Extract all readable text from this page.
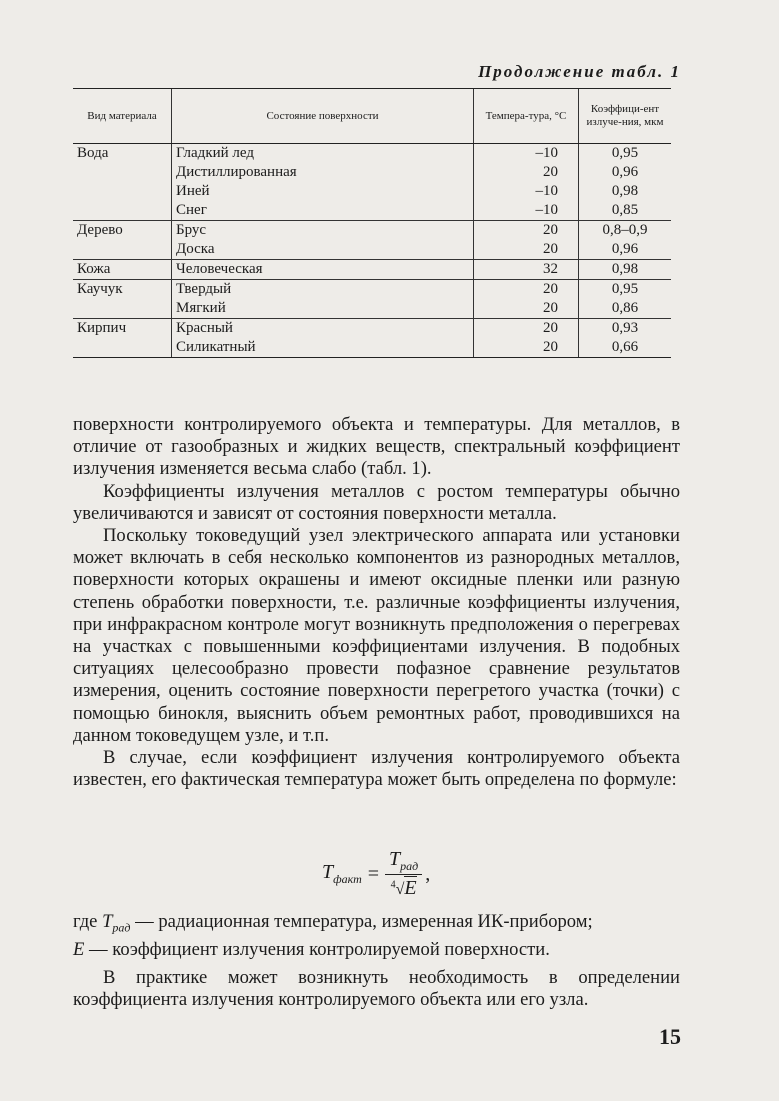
Продолжение табл. 1
Вид материала	Состояние поверхности	Темпера-тура, °С	Коэффици-ент излуче-ния, мкм
Вода	Гладкий лед	–10	0,95
	Дистиллированная	20	0,96
	Иней	–10	0,98
	Снег	–10	0,85
Дерево	Брус	20	0,8–0,9
	Доска	20	0,96
Кожа	Человеческая	32	0,98
Каучук	Твердый	20	0,95
	Мягкий	20	0,86
Кирпич	Красный	20	0,93
	Силикатный	20	0,66

поверхности контролируемого объекта и температуры. Для металлов, в отличие от газообразных и жидких веществ, спектральный коэффициент излучения изменяется весьма слабо (табл. 1).

Коэффициенты излучения металлов с ростом температуры обычно увеличиваются и зависят от состояния поверхности металла.

Поскольку токоведущий узел электрического аппарата или установки может включать в себя несколько компонентов из разнородных металлов, поверхности которых окрашены и имеют оксидные пленки или разную степень обработки поверхности, т.е. различные коэффициенты излучения, при инфракрасном контроле могут возникнуть предположения о перегревах на участках с повышенными коэффициентами излучения. В подобных ситуациях целесообразно провести пофазное сравнение результатов измерения, оценить состояние поверхности перегретого участка (точки) с помощью бинокля, выяснить объем ремонтных работ, проводившихся на данном токоведущем узле, и т.п.

В случае, если коэффициент излучения контролируемого объекта известен, его фактическая температура может быть определена по формуле:

$T_{факт} = \frac{T_{рад}}{^4√E}$ ,

где $T_{рад}$ — радиационная температура, измеренная ИК-прибором;

E — коэффициент излучения контролируемой поверхности.

В практике может возникнуть необходимость в определении коэффициента излучения контролируемого объекта или его узла.

15
